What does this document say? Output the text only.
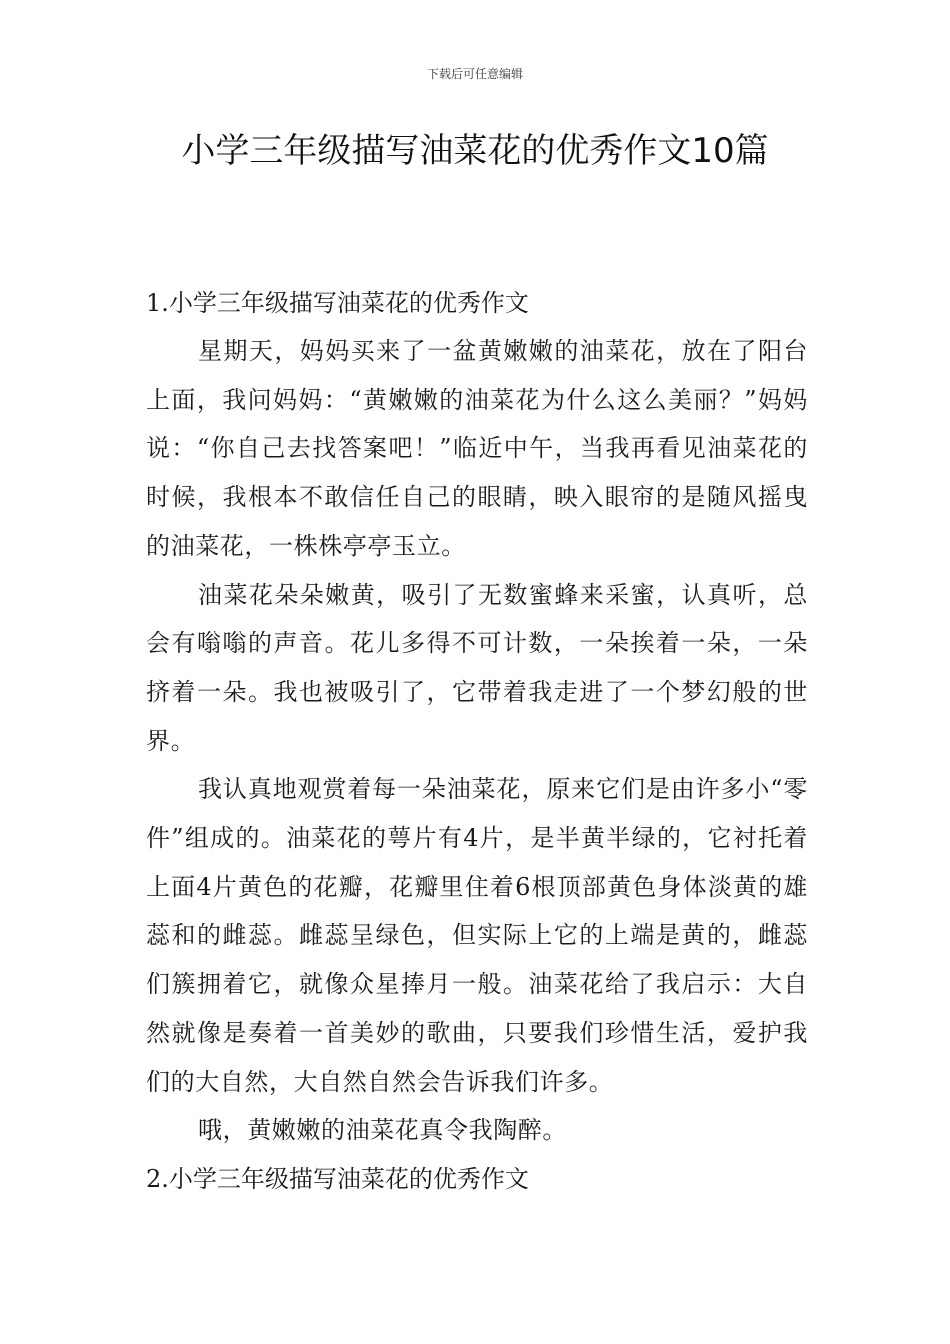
下载后可任意编辑
小学三年级描写油菜花的优秀作文10篇
1.小学三年级描写油菜花的优秀作文

星期天，妈妈买来了一盆黄嫩嫩的油菜花，放在了阳台上面，我问妈妈：“黄嫩嫩的油菜花为什么这么美丽？”妈妈说：“你自己去找答案吧！”临近中午，当我再看见油菜花的时候，我根本不敢信任自己的眼睛，映入眼帘的是随风摇曳的油菜花，一株株亭亭玉立。

油菜花朵朵嫩黄，吸引了无数蜜蜂来采蜜，认真听，总会有嗡嗡的声音。花儿多得不可计数，一朵挨着一朵，一朵挤着一朵。我也被吸引了，它带着我走进了一个梦幻般的世界。

我认真地观赏着每一朵油菜花，原来它们是由许多小“零件”组成的。油菜花的萼片有4片，是半黄半绿的，它衬托着上面4片黄色的花瓣，花瓣里住着6根顶部黄色身体淡黄的雄蕊和的雌蕊。雌蕊呈绿色，但实际上它的上端是黄的，雌蕊们簇拥着它，就像众星捧月一般。油菜花给了我启示：大自然就像是奏着一首美妙的歌曲，只要我们珍惜生活，爱护我们的大自然，大自然自然会告诉我们许多。

哦，黄嫩嫩的油菜花真令我陶醉。

2.小学三年级描写油菜花的优秀作文
